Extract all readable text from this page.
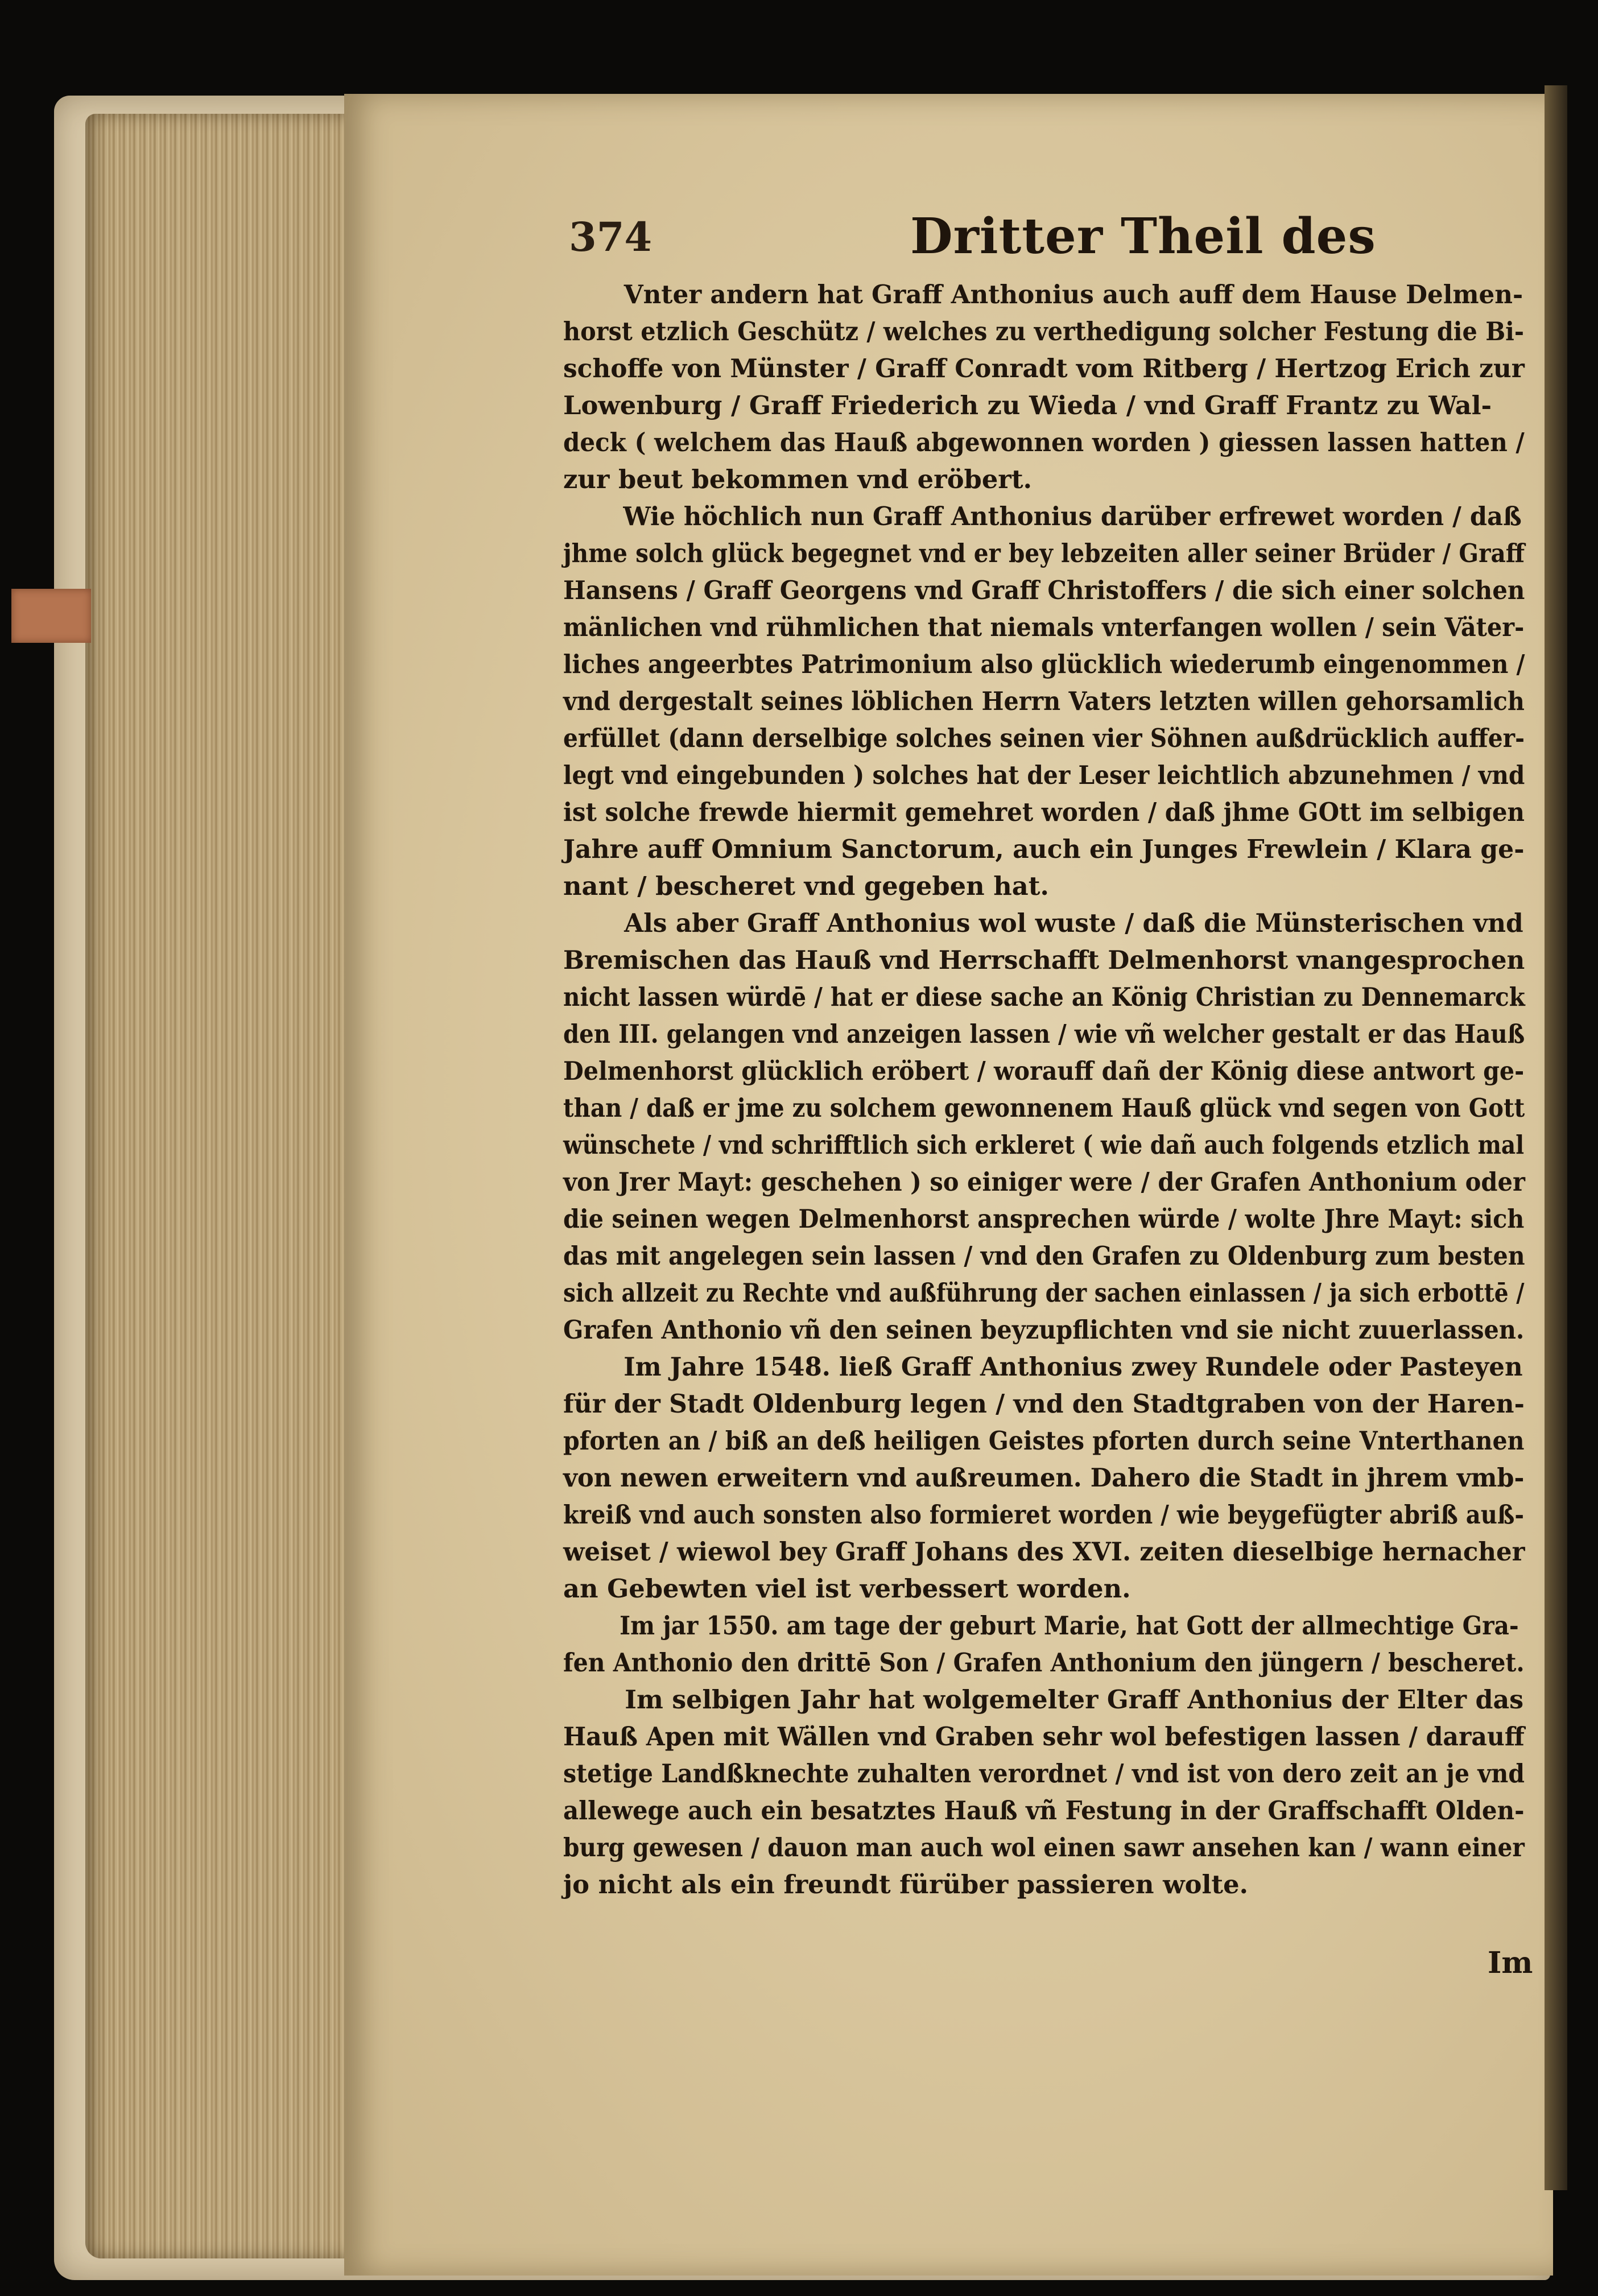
374	Dritter Theil des
Vnter andern hat Graff Anthonius auch auff dem Hause Delmen-
horst etzlich Geschütz / welches zu verthedigung solcher Festung die Bi-
schoffe von Münster / Graff Conradt vom Ritberg / Hertzog Erich zur
Lowenburg / Graff Friederich zu Wieda / vnd Graff Frantz zu Wal-
deck ( welchem das Hauß abgewonnen worden ) giessen lassen hatten /
zur beut bekommen vnd eröbert.
Wie höchlich nun Graff Anthonius darüber erfrewet worden / daß
jhme solch glück begegnet vnd er bey lebzeiten aller seiner Brüder / Graff
Hansens / Graff Georgens vnd Graff Christoffers / die sich einer solchen
mänlichen vnd rühmlichen that niemals vnterfangen wollen / sein Väter-
liches angeerbtes Patrimonium also glücklich wiederumb eingenommen /
vnd dergestalt seines löblichen Herrn Vaters letzten willen gehorsamlich
erfüllet (dann derselbige solches seinen vier Söhnen außdrücklich auffer-
legt vnd eingebunden ) solches hat der Leser leichtlich abzunehmen / vnd
ist solche frewde hiermit gemehret worden / daß jhme GOtt im selbigen
Jahre auff Omnium Sanctorum, auch ein Junges Frewlein / Klara ge-
nant / bescheret vnd gegeben hat.
Als aber Graff Anthonius wol wuste / daß die Münsterischen vnd
Bremischen das Hauß vnd Herrschafft Delmenhorst vnangesprochen
nicht lassen würdē / hat er diese sache an König Christian zu Dennemarck
den III. gelangen vnd anzeigen lassen / wie vñ welcher gestalt er das Hauß
Delmenhorst glücklich eröbert / worauff dañ der König diese antwort ge-
than / daß er jme zu solchem gewonnenem Hauß glück vnd segen von Gott
wünschete / vnd schrifftlich sich erkleret ( wie dañ auch folgends etzlich mal
von Jrer Mayt: geschehen ) so einiger were / der Grafen Anthonium oder
die seinen wegen Delmenhorst ansprechen würde / wolte Jhre Mayt: sich
das mit angelegen sein lassen / vnd den Grafen zu Oldenburg zum besten
sich allzeit zu Rechte vnd außführung der sachen einlassen / ja sich erbottē /
Grafen Anthonio vñ den seinen beyzupflichten vnd sie nicht zuuerlassen.
Im Jahre 1548. ließ Graff Anthonius zwey Rundele oder Pasteyen
für der Stadt Oldenburg legen / vnd den Stadtgraben von der Haren-
pforten an / biß an deß heiligen Geistes pforten durch seine Vnterthanen
von newen erweitern vnd außreumen. Dahero die Stadt in jhrem vmb-
kreiß vnd auch sonsten also formieret worden / wie beygefügter abriß auß-
weiset / wiewol bey Graff Johans des XVI. zeiten dieselbige hernacher
an Gebewten viel ist verbessert worden.
Im jar 1550. am tage der geburt Marie, hat Gott der allmechtige Gra-
fen Anthonio den drittē Son / Grafen Anthonium den jüngern / bescheret.
Im selbigen Jahr hat wolgemelter Graff Anthonius der Elter das
Hauß Apen mit Wällen vnd Graben sehr wol befestigen lassen / darauff
stetige Landßknechte zuhalten verordnet / vnd ist von dero zeit an je vnd
allewege auch ein besatztes Hauß vñ Festung in der Graffschafft Olden-
burg gewesen / dauon man auch wol einen sawr ansehen kan / wann einer
jo nicht als ein freundt fürüber passieren wolte.
Im
